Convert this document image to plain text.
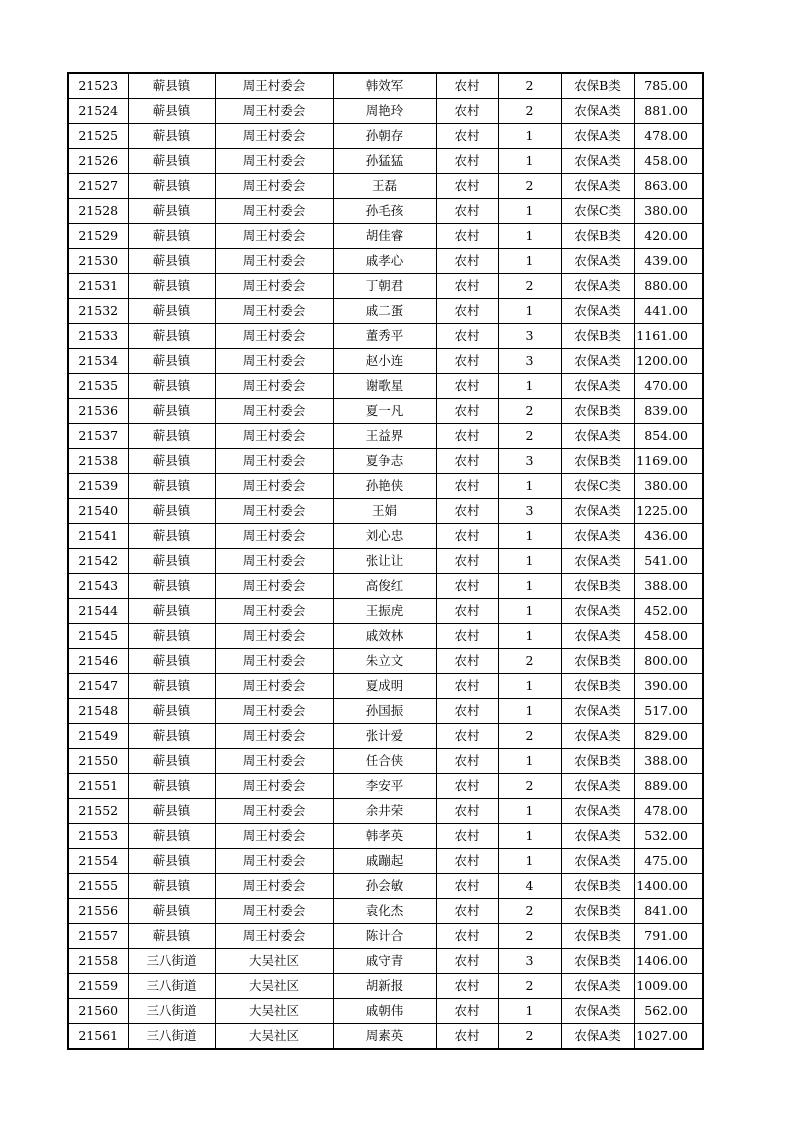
21523	蕲县镇	周王村委会	韩效军	农村	2	农保B类	785.00
21524	蕲县镇	周王村委会	周艳玲	农村	2	农保A类	881.00
21525	蕲县镇	周王村委会	孙朝存	农村	1	农保A类	478.00
21526	蕲县镇	周王村委会	孙猛猛	农村	1	农保A类	458.00
21527	蕲县镇	周王村委会	王磊	农村	2	农保A类	863.00
21528	蕲县镇	周王村委会	孙毛孩	农村	1	农保C类	380.00
21529	蕲县镇	周王村委会	胡佳睿	农村	1	农保B类	420.00
21530	蕲县镇	周王村委会	戚孝心	农村	1	农保A类	439.00
21531	蕲县镇	周王村委会	丁朝君	农村	2	农保A类	880.00
21532	蕲县镇	周王村委会	戚二蛋	农村	1	农保A类	441.00
21533	蕲县镇	周王村委会	董秀平	农村	3	农保B类	1161.00
21534	蕲县镇	周王村委会	赵小连	农村	3	农保A类	1200.00
21535	蕲县镇	周王村委会	谢歌星	农村	1	农保A类	470.00
21536	蕲县镇	周王村委会	夏一凡	农村	2	农保B类	839.00
21537	蕲县镇	周王村委会	王益界	农村	2	农保A类	854.00
21538	蕲县镇	周王村委会	夏争志	农村	3	农保B类	1169.00
21539	蕲县镇	周王村委会	孙艳侠	农村	1	农保C类	380.00
21540	蕲县镇	周王村委会	王娟	农村	3	农保A类	1225.00
21541	蕲县镇	周王村委会	刘心忠	农村	1	农保A类	436.00
21542	蕲县镇	周王村委会	张让让	农村	1	农保A类	541.00
21543	蕲县镇	周王村委会	高俊红	农村	1	农保B类	388.00
21544	蕲县镇	周王村委会	王振虎	农村	1	农保A类	452.00
21545	蕲县镇	周王村委会	戚效林	农村	1	农保A类	458.00
21546	蕲县镇	周王村委会	朱立文	农村	2	农保B类	800.00
21547	蕲县镇	周王村委会	夏成明	农村	1	农保B类	390.00
21548	蕲县镇	周王村委会	孙国振	农村	1	农保A类	517.00
21549	蕲县镇	周王村委会	张计爱	农村	2	农保A类	829.00
21550	蕲县镇	周王村委会	任合侠	农村	1	农保B类	388.00
21551	蕲县镇	周王村委会	李安平	农村	2	农保A类	889.00
21552	蕲县镇	周王村委会	余井荣	农村	1	农保A类	478.00
21553	蕲县镇	周王村委会	韩孝英	农村	1	农保A类	532.00
21554	蕲县镇	周王村委会	戚蹦起	农村	1	农保A类	475.00
21555	蕲县镇	周王村委会	孙会敏	农村	4	农保B类	1400.00
21556	蕲县镇	周王村委会	袁化杰	农村	2	农保B类	841.00
21557	蕲县镇	周王村委会	陈计合	农村	2	农保B类	791.00
21558	三八街道	大吴社区	戚守青	农村	3	农保B类	1406.00
21559	三八街道	大吴社区	胡新报	农村	2	农保A类	1009.00
21560	三八街道	大吴社区	戚朝伟	农村	1	农保A类	562.00
21561	三八街道	大吴社区	周素英	农村	2	农保A类	1027.00
